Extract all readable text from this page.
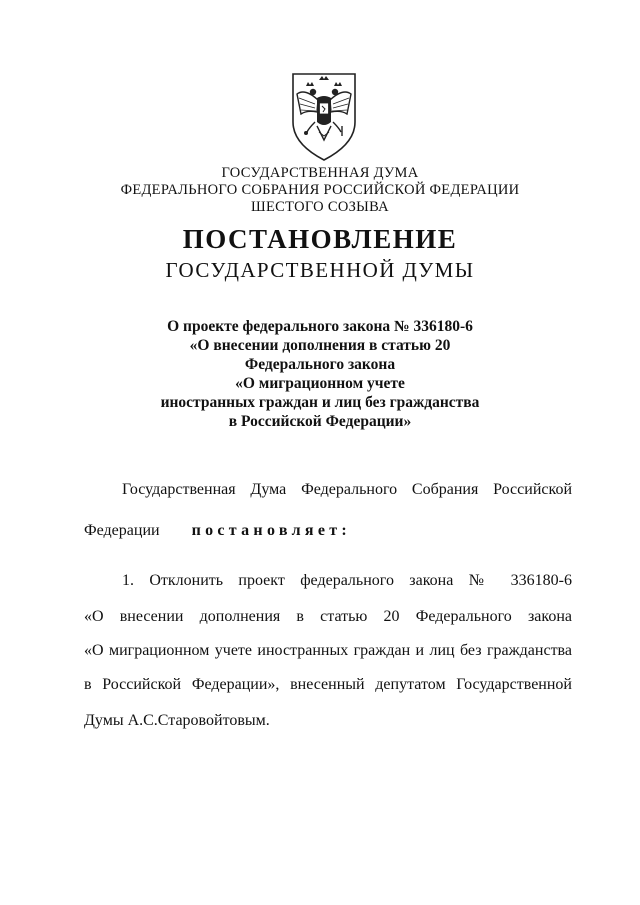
ГОСУДАРСТВЕННАЯ ДУМА
ФЕДЕРАЛЬНОГО СОБРАНИЯ РОССИЙСКОЙ ФЕДЕРАЦИИ
ШЕСТОГО СОЗЫВА
ПОСТАНОВЛЕНИЕ
ГОСУДАРСТВЕННОЙ ДУМЫ
О проекте федерального закона № 336180-6
«О внесении дополнения в статью 20
Федерального закона
«О миграционном учете
иностранных граждан и лиц без гражданства
в Российской Федерации»
Государственная Дума Федерального Собрания Российской
Федерации постановляет:
1. Отклонить проект федерального закона № 336180-6
«О внесении дополнения в статью 20 Федерального закона
«О миграционном учете иностранных граждан и лиц без гражданства
в Российской Федерации», внесенный депутатом Государственной
Думы А.С.Старовойтовым.
